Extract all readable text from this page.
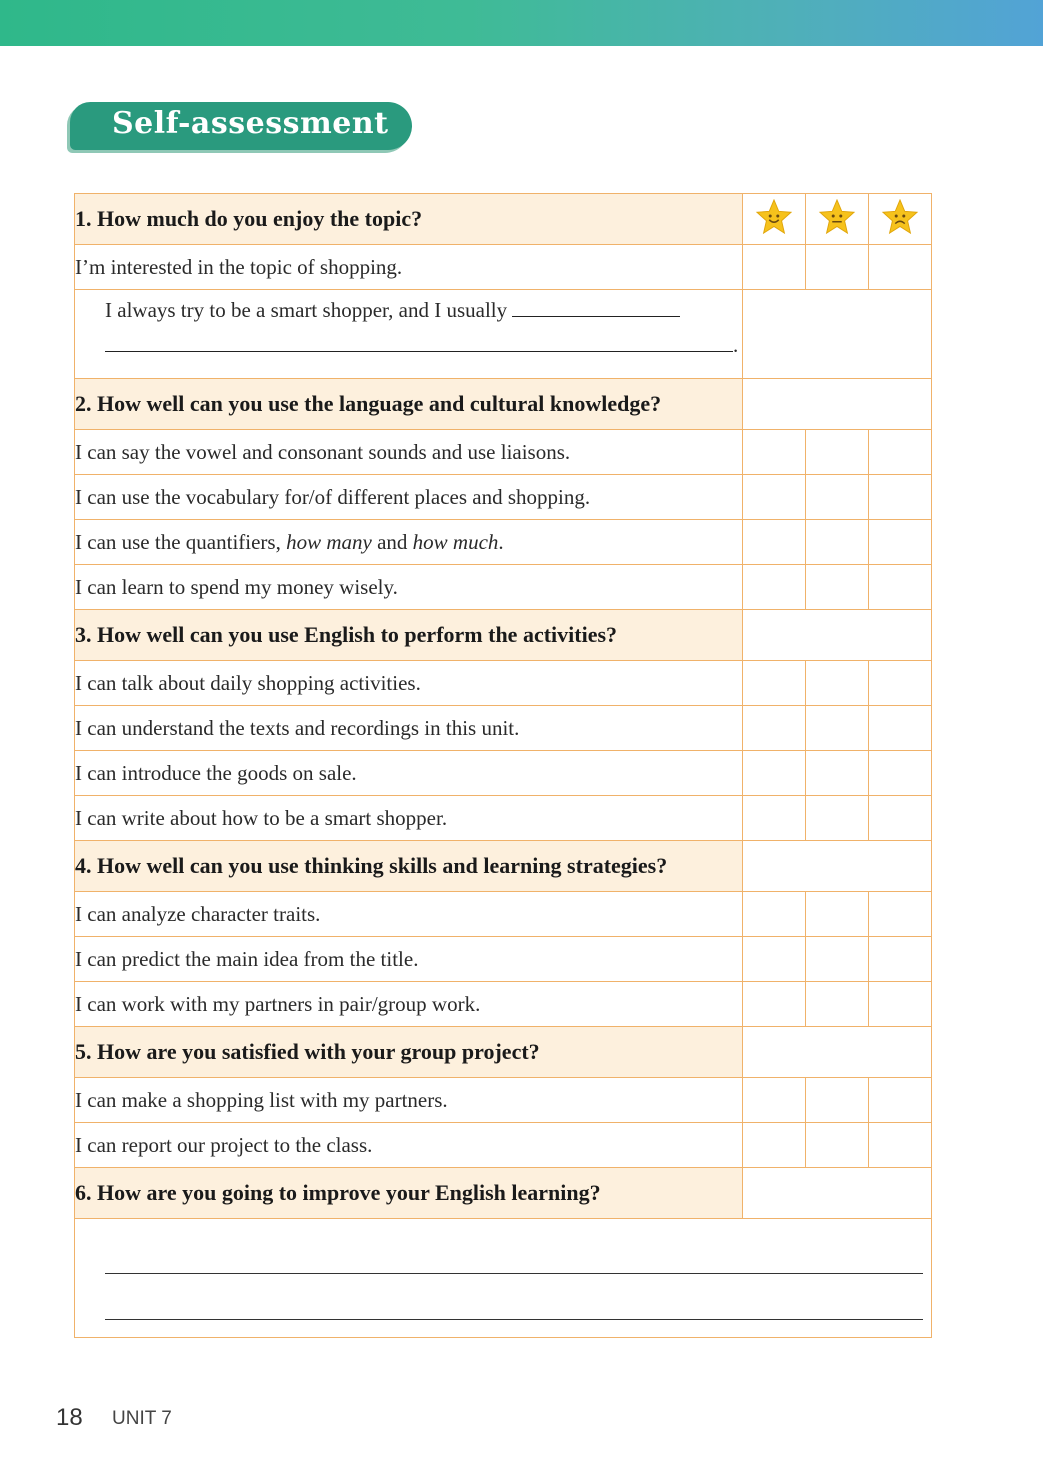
Self-assessment
1. How much do you enjoy the topic?			
I’m interested in the topic of shopping.			

I always try to be a smart shopper, and I usually
.			

2. How well can you use the language and cultural knowledge?			
I can say the vowel and consonant sounds and use liaisons.			
I can use the vocabulary for/of different places and shopping.			
I can use the quantifiers, how many and how much.			
I can learn to spend my money wisely.			
3. How well can you use English to perform the activities?			
I can talk about daily shopping activities.			
I can understand the texts and recordings in this unit.			
I can introduce the goods on sale.			
I can write about how to be a smart shopper.			
4. How well can you use thinking skills and learning strategies?			
I can analyze character traits.			
I can predict the main idea from the title.			
I can work with my partners in pair/group work.			
5. How are you satisfied with your group project?			
I can make a shopping list with my partners.			
I can report our project to the class.			
6. How are you going to improve your English learning?			

18 UNIT 7
